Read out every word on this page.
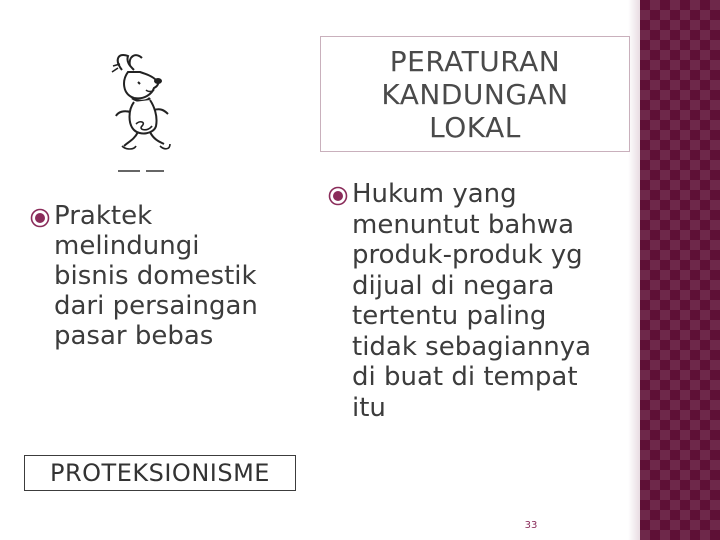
PERATURAN
KANDUNGAN
LOKAL
Praktek
melindungi
bisnis domestik
dari persaingan
pasar bebas
Hukum yang
menuntut bahwa
produk-produk yg
dijual di negara
tertentu paling
tidak sebagiannya
di buat di tempat
itu
PROTEKSIONISME
33
